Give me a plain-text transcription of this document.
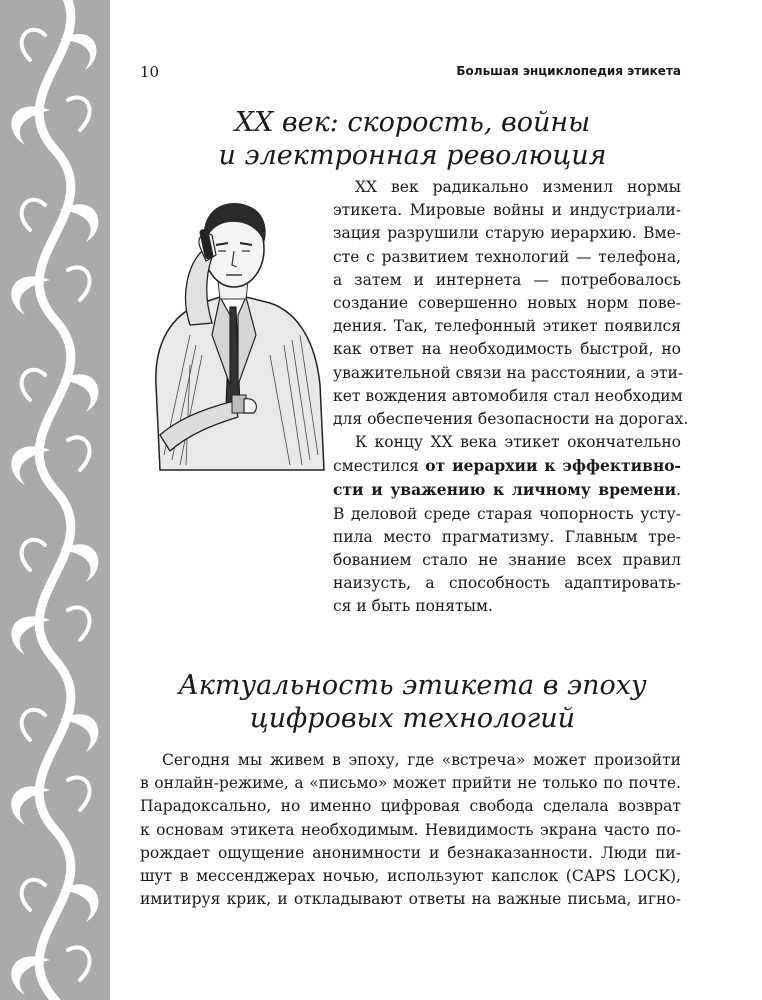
10	Большая энциклопедия этикета
XX век: скорость, войны
и электронная революция

XX век радикально изменил нормы
этикета. Мировые войны и индустриали-
зация разрушили старую иерархию. Вме-
сте с развитием технологий — телефона,
а затем и интернета — потребовалось
создание совершенно новых норм пове-
дения. Так, телефонный этикет появился
как ответ на необходимость быстрой, но
уважительной связи на расстоянии, а эти-
кет вождения автомобиля стал необходим
для обеспечения безопасности на дорогах.

К концу XX века этикет окончательно
сместился от иерархии к эффективно-
сти и уважению к личному времени.
В деловой среде старая чопорность усту-
пила место прагматизму. Главным тре-
бованием стало не знание всех правил
наизусть, а способность адаптировать-
ся и быть понятым.

Актуальность этикета в эпоху
цифровых технологий

Сегодня мы живем в эпоху, где «встреча» может произойти
в онлайн-режиме, а «письмо» может прийти не только по почте.
Парадоксально, но именно цифровая свобода сделала возврат
к основам этикета необходимым. Невидимость экрана часто по-
рождает ощущение анонимности и безнаказанности. Люди пи-
шут в мессенджерах ночью, используют капслок (CAPS LOCK),
имитируя крик, и откладывают ответы на важные письма, игно-
